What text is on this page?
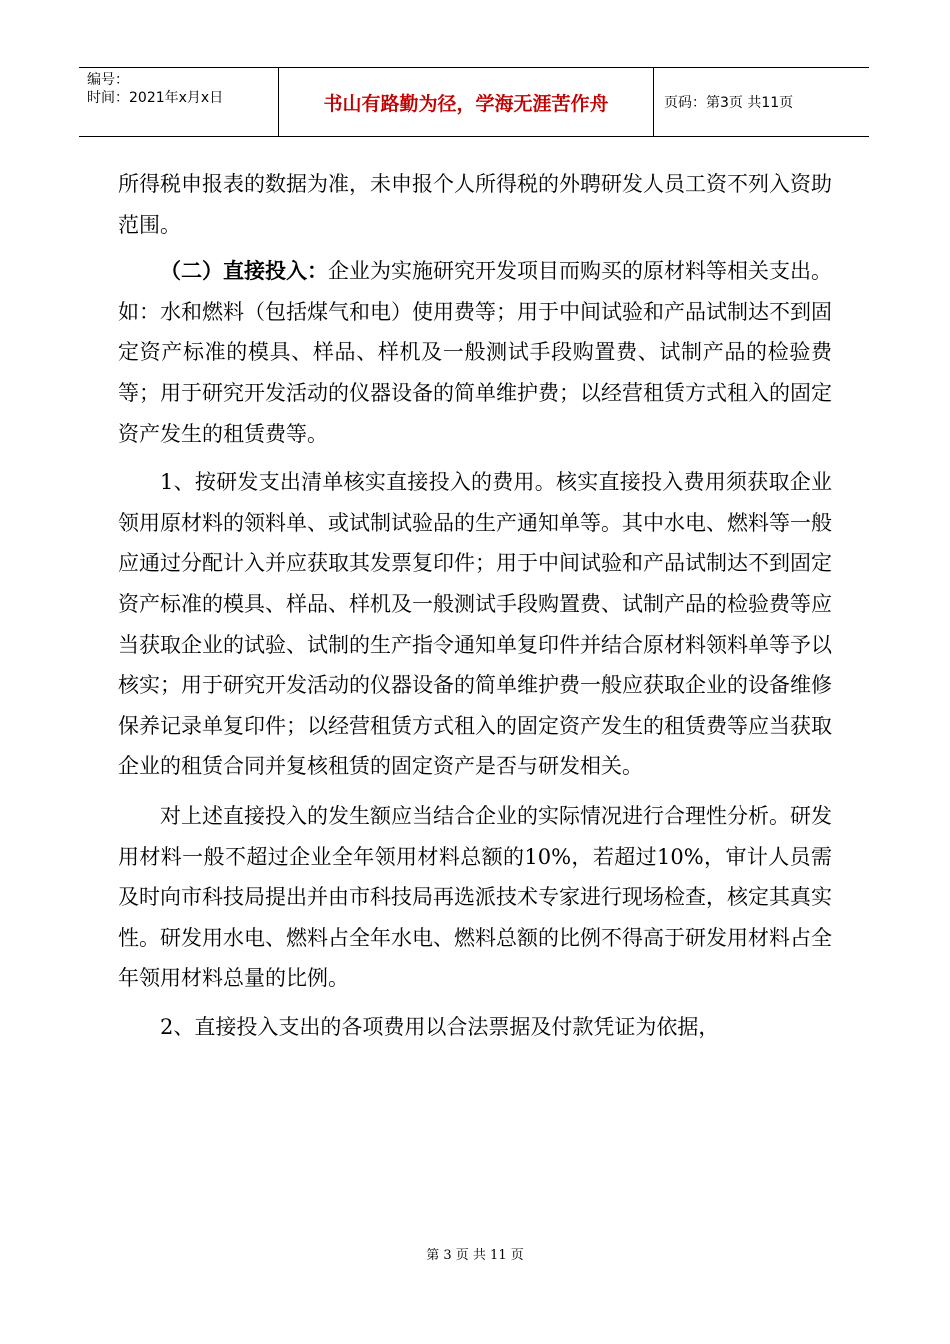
编号：
时间：2021年x月x日	书山有路勤为径，学海无涯苦作舟	页码：第3页 共11页

所得税申报表的数据为准，未申报个人所得税的外聘研发人员工资不列入资助范围。

（二）直接投入：企业为实施研究开发项目而购买的原材料等相关支出。如：水和燃料（包括煤气和电）使用费等；用于中间试验和产品试制达不到固定资产标准的模具、样品、样机及一般测试手段购置费、试制产品的检验费等；用于研究开发活动的仪器设备的简单维护费；以经营租赁方式租入的固定资产发生的租赁费等。

1、按研发支出清单核实直接投入的费用。核实直接投入费用须获取企业领用原材料的领料单、或试制试验品的生产通知单等。其中水电、燃料等一般应通过分配计入并应获取其发票复印件；用于中间试验和产品试制达不到固定资产标准的模具、样品、样机及一般测试手段购置费、试制产品的检验费等应当获取企业的试验、试制的生产指令通知单复印件并结合原材料领料单等予以核实；用于研究开发活动的仪器设备的简单维护费一般应获取企业的设备维修保养记录单复印件；以经营租赁方式租入的固定资产发生的租赁费等应当获取企业的租赁合同并复核租赁的固定资产是否与研发相关。

对上述直接投入的发生额应当结合企业的实际情况进行合理性分析。研发用材料一般不超过企业全年领用材料总额的10%，若超过10%，审计人员需及时向市科技局提出并由市科技局再选派技术专家进行现场检查，核定其真实性。研发用水电、燃料占全年水电、燃料总额的比例不得高于研发用材料占全年领用材料总量的比例。

2、直接投入支出的各项费用以合法票据及付款凭证为依据，

第 3 页 共 11 页
